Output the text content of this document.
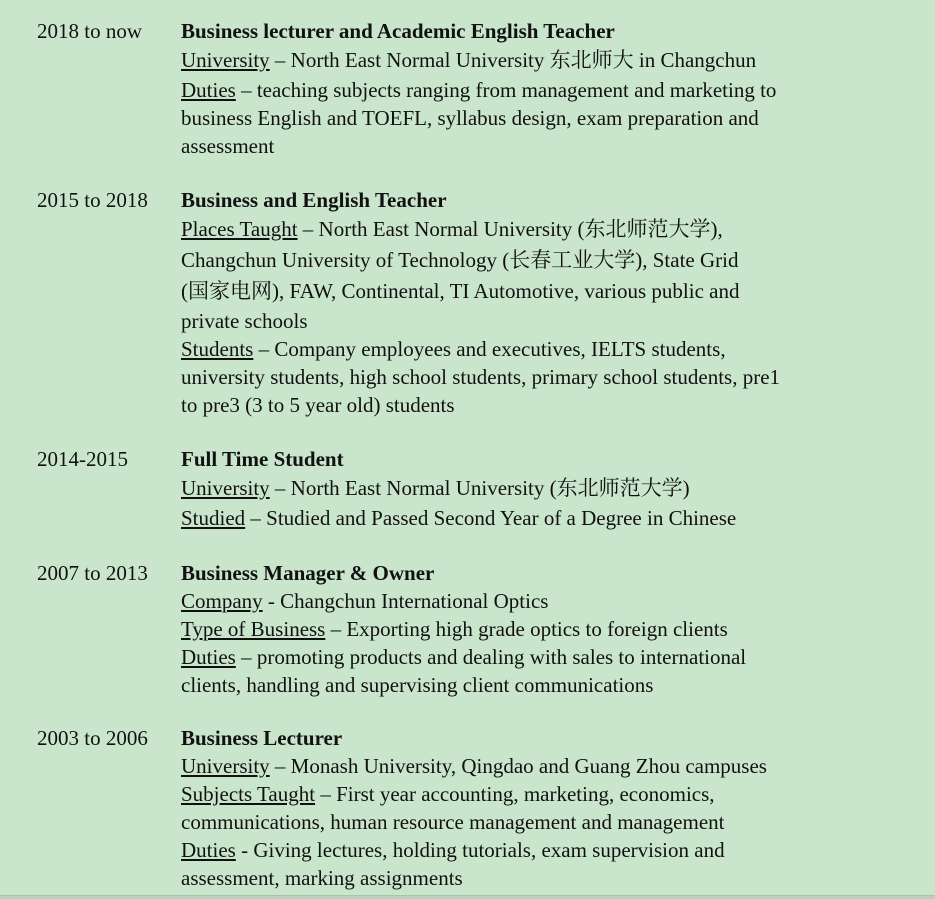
2018 to now Business lecturer and Academic English Teacher
University – North East Normal University 东北师大 in Changchun
Duties – teaching subjects ranging from management and marketing to
business English and TOEFL, syllabus design, exam preparation and
assessment
2015 to 2018 Business and English Teacher
Places Taught – North East Normal University (东北师范大学),
Changchun University of Technology (长春工业大学), State Grid
(国家电网), FAW, Continental, TI Automotive, various public and
private schools
Students – Company employees and executives, IELTS students,
university students, high school students, primary school students, pre1
to pre3 (3 to 5 year old) students
2014-2015	Full Time Student
University – North East Normal University (东北师范大学)
Studied – Studied and Passed Second Year of a Degree in Chinese
2007 to 2013 Business Manager & Owner
Company - Changchun International Optics
Type of Business – Exporting high grade optics to foreign clients
Duties – promoting products and dealing with sales to international
clients, handling and supervising client communications
2003 to 2006 Business Lecturer
University – Monash University, Qingdao and Guang Zhou campuses
Subjects Taught – First year accounting, marketing, economics,
communications, human resource management and management
Duties - Giving lectures, holding tutorials, exam supervision and
assessment, marking assignments
